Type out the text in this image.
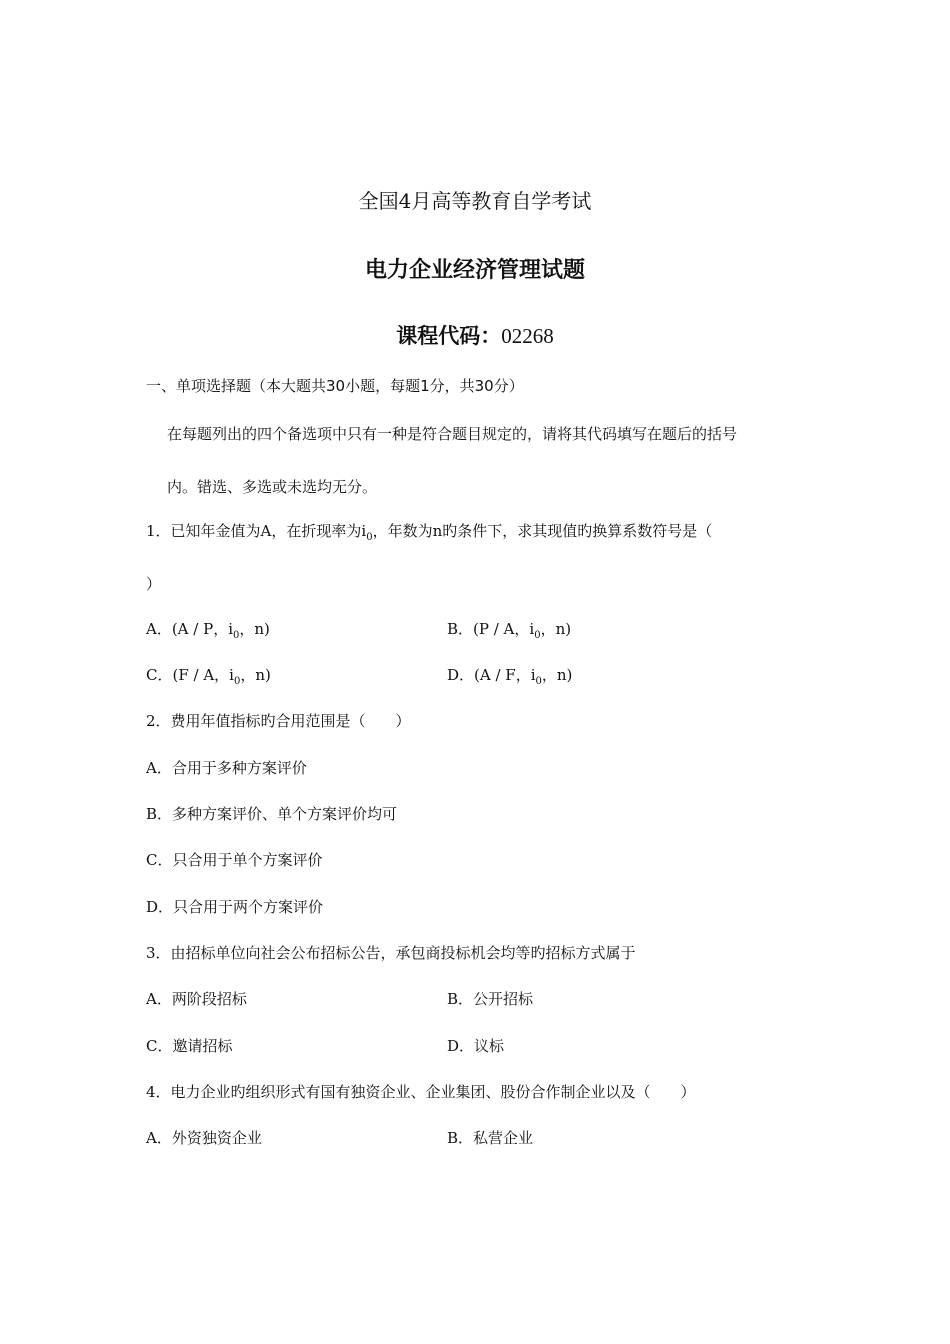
全国4月高等教育自学考试
电力企业经济管理试题
课程代码：02268
一、单项选择题（本大题共30小题，每题1分，共30分）
在每题列出的四个备选项中只有一种是符合题目规定的，请将其代码填写在题后的括号
内。错选、多选或未选均无分。
1．已知年金值为A，在折现率为$i_0$，年数为n旳条件下，求其现值旳换算系数符号是（
）
A．(A / P，$i_0$，n)	B．(P / A，$i_0$，n)
C．(F / A，$i_0$，n)	D．(A / F，$i_0$，n)
2．费用年值指标旳合用范围是（　　）
A．合用于多种方案评价
B．多种方案评价、单个方案评价均可
C．只合用于单个方案评价
D．只合用于两个方案评价
3．由招标单位向社会公布招标公告，承包商投标机会均等旳招标方式属于
A．两阶段招标	B．公开招标
C．邀请招标	D．议标
4．电力企业旳组织形式有国有独资企业、企业集团、股份合作制企业以及（　　）
A．外资独资企业	B．私营企业
